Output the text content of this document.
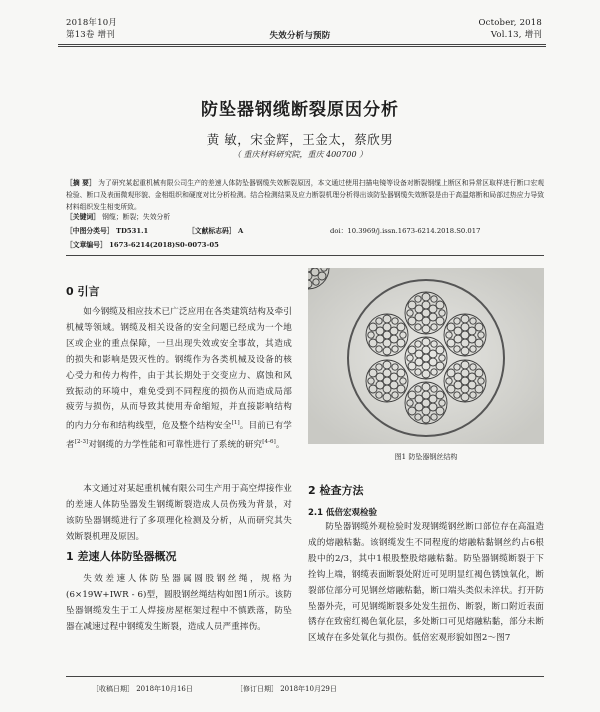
2018年10月
第13卷 增刊	失效分析与预防
October, 2018
Vol.13, 增刊
防坠器钢缆断裂原因分析
黄 敏，宋金辉，王金太，蔡欣男
（ 重庆材料研究院，重庆 400700 ）
［摘 要］ 为了研究某起重机械有限公司生产的差速人体防坠器钢缆失效断裂原因，本文通过使用扫描电镜等设备对断裂钢缆上断区和异常区取样进行断口宏观检验、断口及表面微观形貌、金相组织和硬度对比分析检测。结合检测结果及应力断裂机理分析得出该防坠器钢缆失效断裂是由于高温熔断和局部过热应力导致材料组织发生相变所致。
［关键词］ 钢缆；断裂；失效分析
［中图分类号］ TD531.1	［文献标志码］ A	doi：10.3969/j.issn.1673-6214.2018.S0.017
［文章编号］ 1673-6214(2018)S0-0073-05
0 引言
如今钢缆及相应技术已广泛应用在各类建筑结构及牵引机械等领域。钢缆及相关设备的安全问题已经成为一个地区或企业的重点保障，一旦出现失效或安全事故，其造成的损失和影响是毁灭性的。钢缆作为各类机械及设备的核心受力和传力构件，由于其长期处于交变应力、腐蚀和风致振动的环境中，难免受到不同程度的损伤从而造成局部疲劳与损伤，从而导致其使用寿命缩短，并直接影响结构的内力分布和结构线型，危及整个结构安全[1]。目前已有学者[2-3]对钢缆的力学性能和可靠性进行了系统的研究[4-6]。
本文通过对某起重机械有限公司生产用于高空焊接作业的差速人体防坠器发生钢缆断裂造成人员伤残为背景，对该防坠器钢缆进行了多项理化检测及分析，从而研究其失效断裂机理及原因。
1 差速人体防坠器概况
失效差速人体防坠器属圆股钢丝绳，规格为(6×19W+IWR - 6)型，圆股钢丝绳结构如图1所示。该防坠器钢缆发生于工人焊接房屋框架过程中不慎跌落，防坠器在减速过程中钢缆发生断裂，造成人员严重摔伤。
图1 防坠器钢丝结构
2 检查方法
2.1 低倍宏观检验
防坠器钢缆外观检验时发现钢缆钢丝断口部位存在高温造成的熔融粘黏。该钢缆发生不同程度的熔融粘黏钢丝约占6根股中的2/3，其中1根股整股熔融粘黏。防坠器钢缆断裂于下拴钩上端，钢缆表面断裂处附近可见明显红褐色锈蚀氧化，断裂部位部分可见钢丝熔融粘黏，断口端头类似未淬状。打开防坠器外壳，可见钢缆断裂多处发生扭伤、断裂，断口附近表面锈存在致密红褐色氧化层，多处断口可见熔融粘黏，部分未断区域存在多处氧化与损伤。低倍宏观形貌如图2～图7
［收稿日期］ 2018年10月16日	［修订日期］ 2018年10月29日
